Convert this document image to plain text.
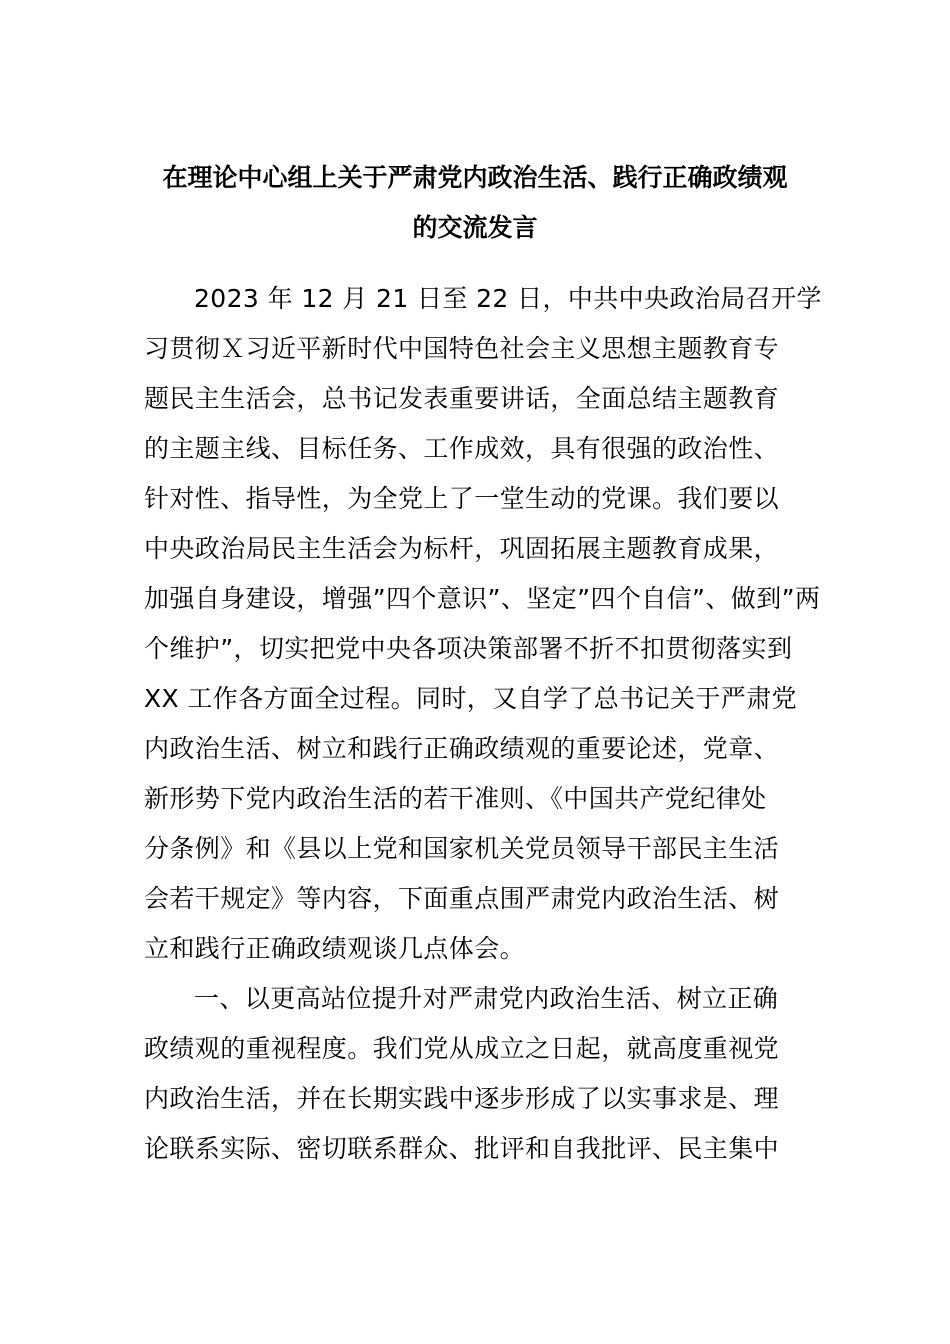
在理论中心组上关于严肃党内政治生活、践行正确政绩观
的交流发言
2023 年 12 月 21 日至 22 日，中共中央政治局召开学
习贯彻Ｘ习近平新时代中国特色社会主义思想主题教育专
题民主生活会，总书记发表重要讲话，全面总结主题教育
的主题主线、目标任务、工作成效，具有很强的政治性、
针对性、指导性，为全党上了一堂生动的党课。我们要以
中央政治局民主生活会为标杆，巩固拓展主题教育成果，
加强自身建设，增强”四个意识”、坚定”四个自信”、做到”两
个维护”，切实把党中央各项决策部署不折不扣贯彻落实到
XX 工作各方面全过程。同时，又自学了总书记关于严肃党
内政治生活、树立和践行正确政绩观的重要论述，党章、
新形势下党内政治生活的若干准则、《中国共产党纪律处
分条例》和《县以上党和国家机关党员领导干部民主生活
会若干规定》等内容，下面重点围严肃党内政治生活、树
立和践行正确政绩观谈几点体会。
一、以更高站位提升对严肃党内政治生活、树立正确
政绩观的重视程度。我们党从成立之日起，就高度重视党
内政治生活，并在长期实践中逐步形成了以实事求是、理
论联系实际、密切联系群众、批评和自我批评、民主集中
